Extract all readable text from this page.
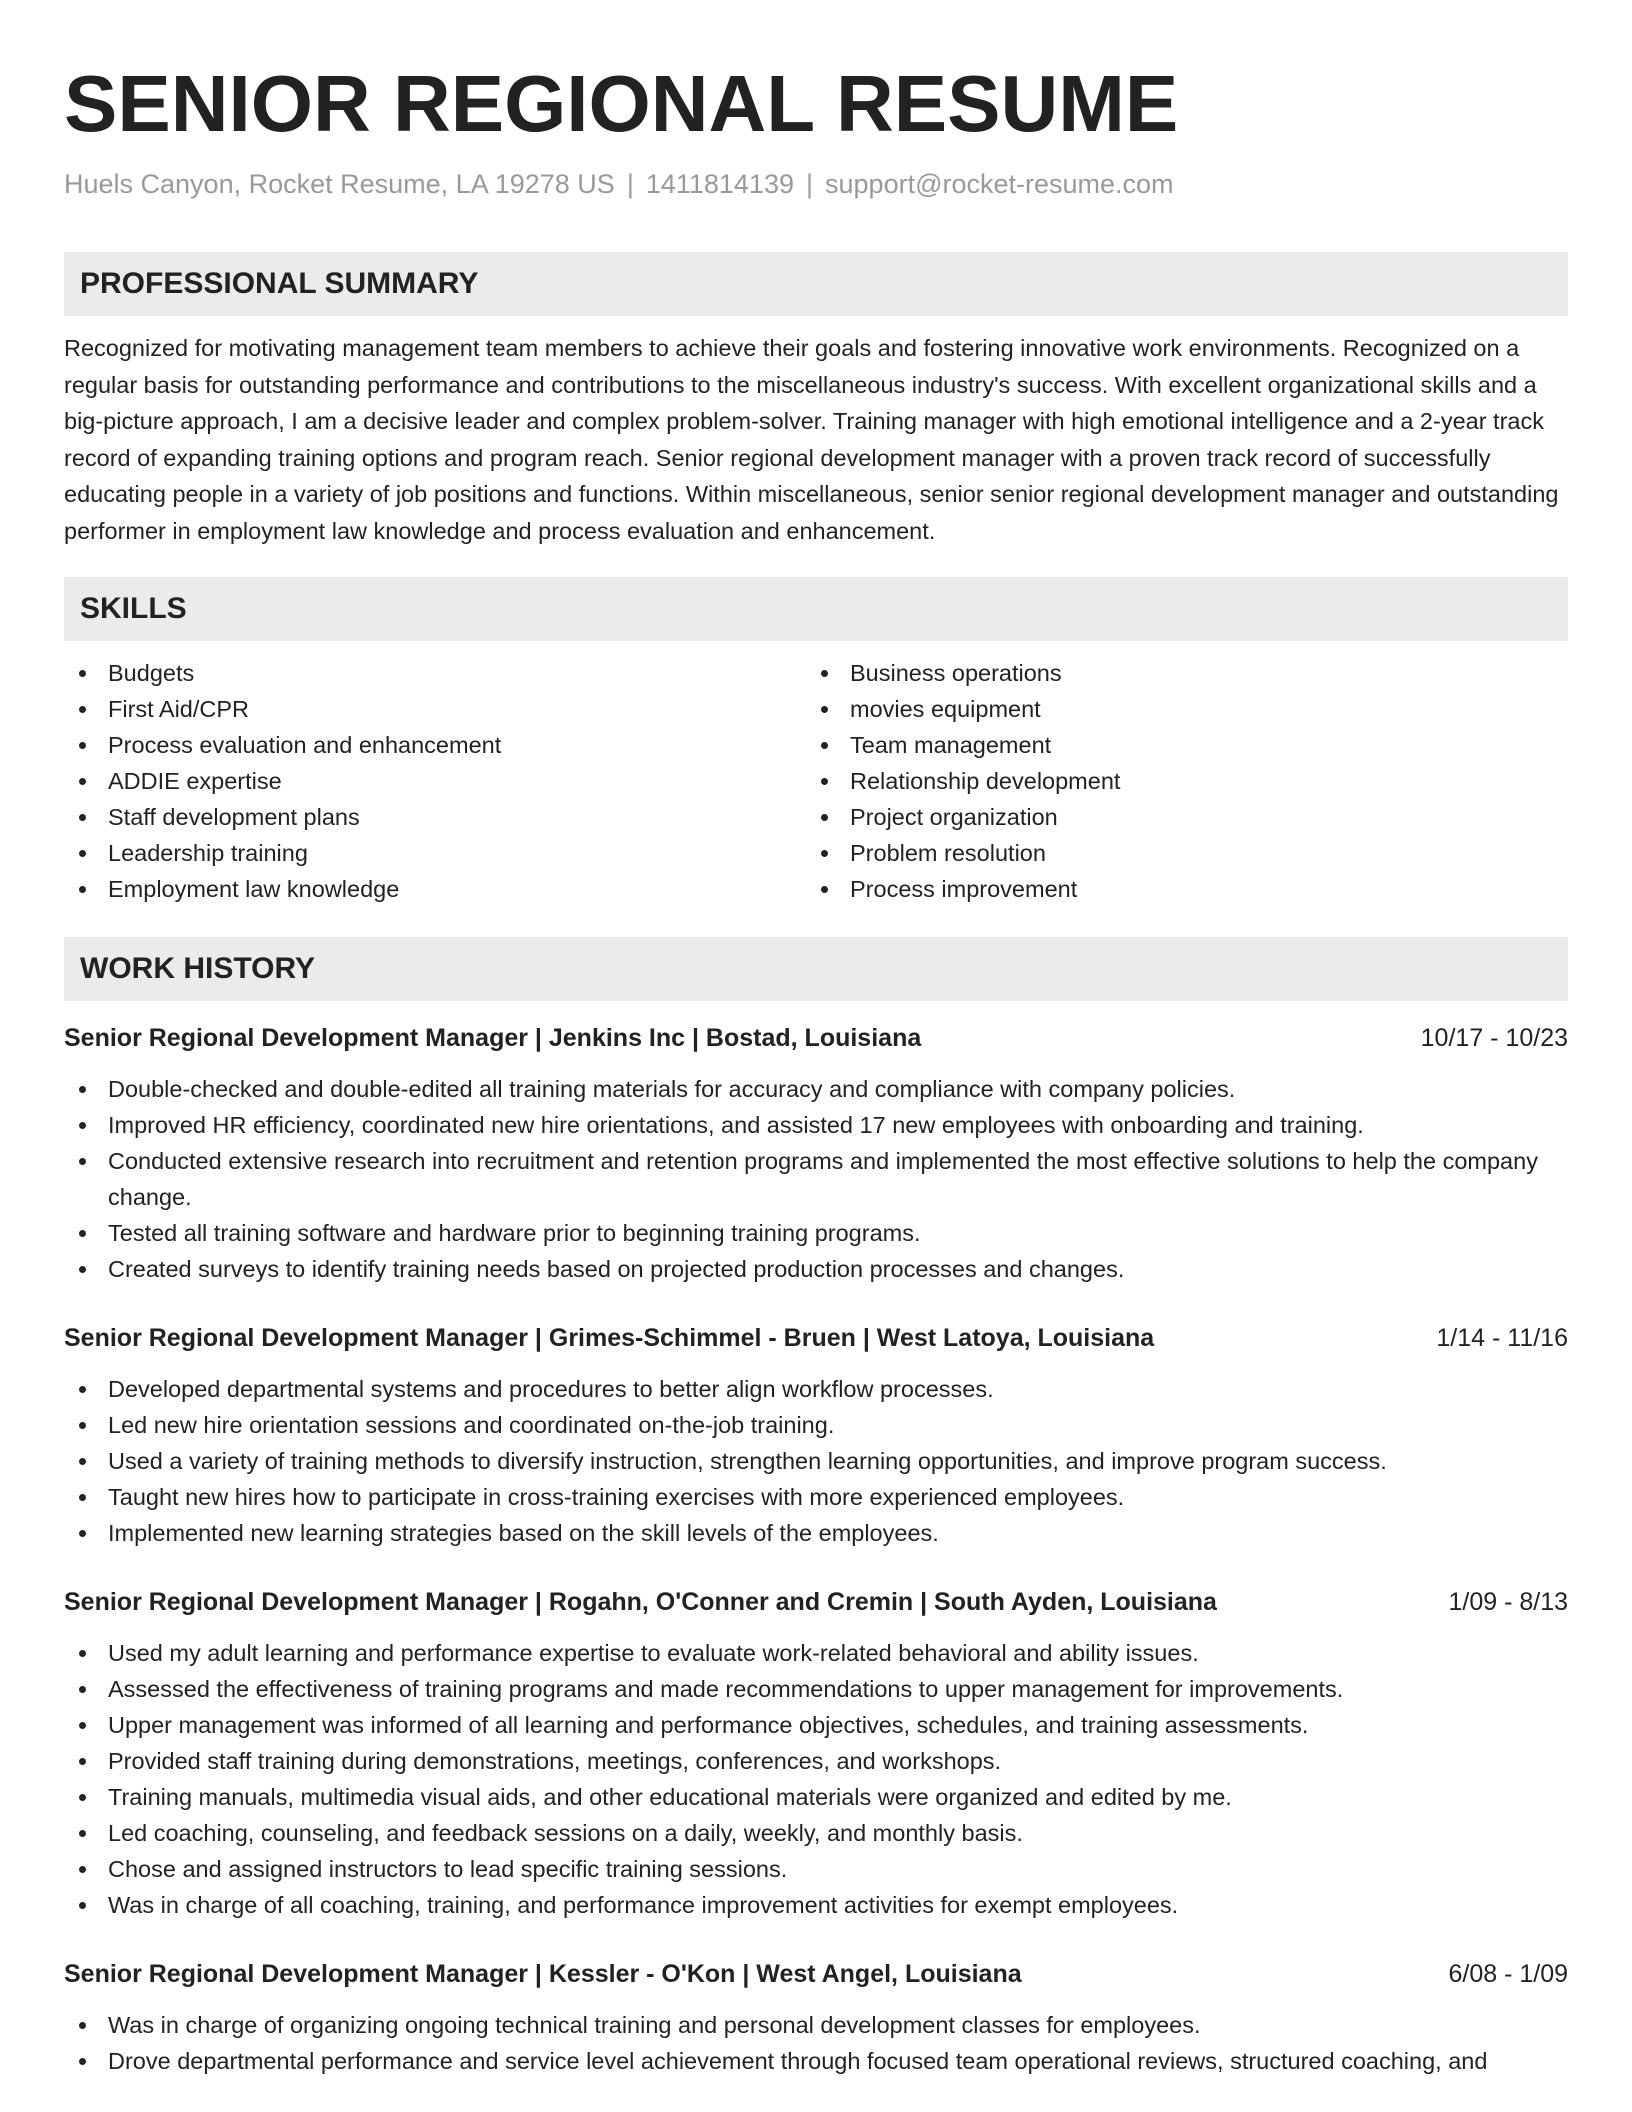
SENIOR REGIONAL RESUME
Huels Canyon, Rocket Resume, LA 19278 US | 1411814139 | support@rocket-resume.com
PROFESSIONAL SUMMARY
Recognized for motivating management team members to achieve their goals and fostering innovative work environments. Recognized on a regular basis for outstanding performance and contributions to the miscellaneous industry's success. With excellent organizational skills and a big-picture approach, I am a decisive leader and complex problem-solver. Training manager with high emotional intelligence and a 2-year track record of expanding training options and program reach. Senior regional development manager with a proven track record of successfully educating people in a variety of job positions and functions. Within miscellaneous, senior senior regional development manager and outstanding performer in employment law knowledge and process evaluation and enhancement.
SKILLS
Budgets
First Aid/CPR
Process evaluation and enhancement
ADDIE expertise
Staff development plans
Leadership training
Employment law knowledge
Business operations
movies equipment
Team management
Relationship development
Project organization
Problem resolution
Process improvement
WORK HISTORY
Senior Regional Development Manager | Jenkins Inc | Bostad, Louisiana	10/17 - 10/23
Double-checked and double-edited all training materials for accuracy and compliance with company policies.
Improved HR efficiency, coordinated new hire orientations, and assisted 17 new employees with onboarding and training.
Conducted extensive research into recruitment and retention programs and implemented the most effective solutions to help the company change.
Tested all training software and hardware prior to beginning training programs.
Created surveys to identify training needs based on projected production processes and changes.
Senior Regional Development Manager | Grimes-Schimmel - Bruen | West Latoya, Louisiana	1/14 - 11/16
Developed departmental systems and procedures to better align workflow processes.
Led new hire orientation sessions and coordinated on-the-job training.
Used a variety of training methods to diversify instruction, strengthen learning opportunities, and improve program success.
Taught new hires how to participate in cross-training exercises with more experienced employees.
Implemented new learning strategies based on the skill levels of the employees.
Senior Regional Development Manager | Rogahn, O'Conner and Cremin | South Ayden, Louisiana	1/09 - 8/13
Used my adult learning and performance expertise to evaluate work-related behavioral and ability issues.
Assessed the effectiveness of training programs and made recommendations to upper management for improvements.
Upper management was informed of all learning and performance objectives, schedules, and training assessments.
Provided staff training during demonstrations, meetings, conferences, and workshops.
Training manuals, multimedia visual aids, and other educational materials were organized and edited by me.
Led coaching, counseling, and feedback sessions on a daily, weekly, and monthly basis.
Chose and assigned instructors to lead specific training sessions.
Was in charge of all coaching, training, and performance improvement activities for exempt employees.
Senior Regional Development Manager | Kessler - O'Kon | West Angel, Louisiana	6/08 - 1/09
Was in charge of organizing ongoing technical training and personal development classes for employees.
Drove departmental performance and service level achievement through focused team operational reviews, structured coaching, and
